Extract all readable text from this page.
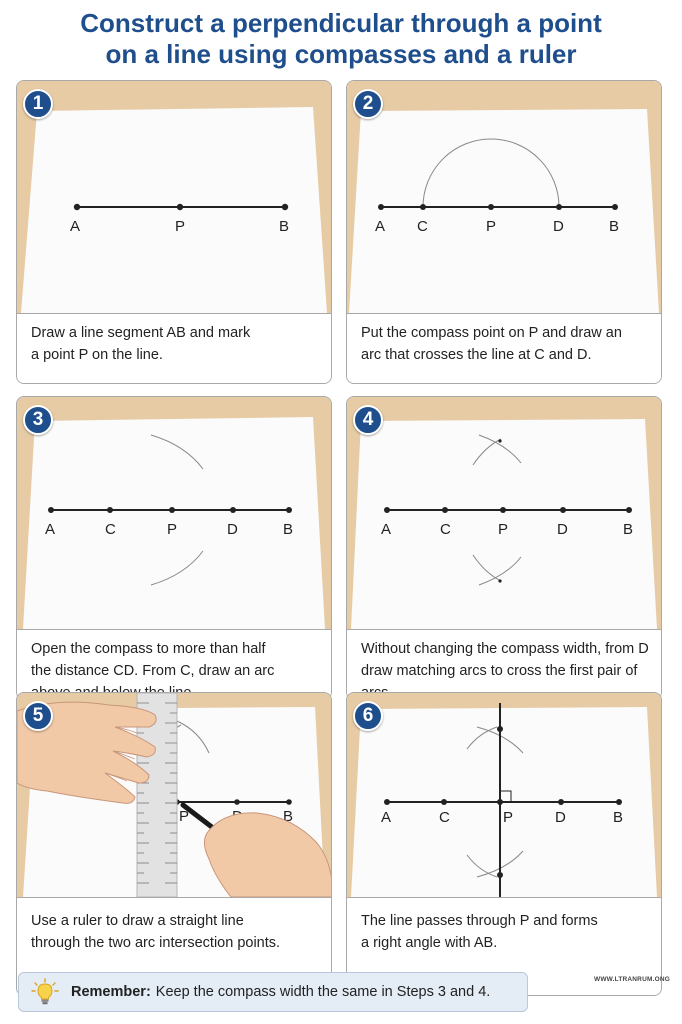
Construct a perpendicular through a point
on a line using compasses and a ruler
A	P	B
1
Draw a line segment AB and mark
a point P on the line.
A C	P	D	B
2
Put the compass point on P and draw an
arc that crosses the line at C and D.
A	C	P	D	B
3
Open the compass to more than half
the distance CD. From C, draw an arc
A	C	P	D	B
4
Without changing the compass width, from D
draw matching arcs to cross the first pair of
P	B
5
Use a ruler to draw a straight line
through the two arc intersection points.
A	C	P	D	B
6
The line passes through P and forms
a right angle with AB.
Remember: Keep the compass width the same in Steps 3 and 4.
WWW.LTRANRUM.ONG
